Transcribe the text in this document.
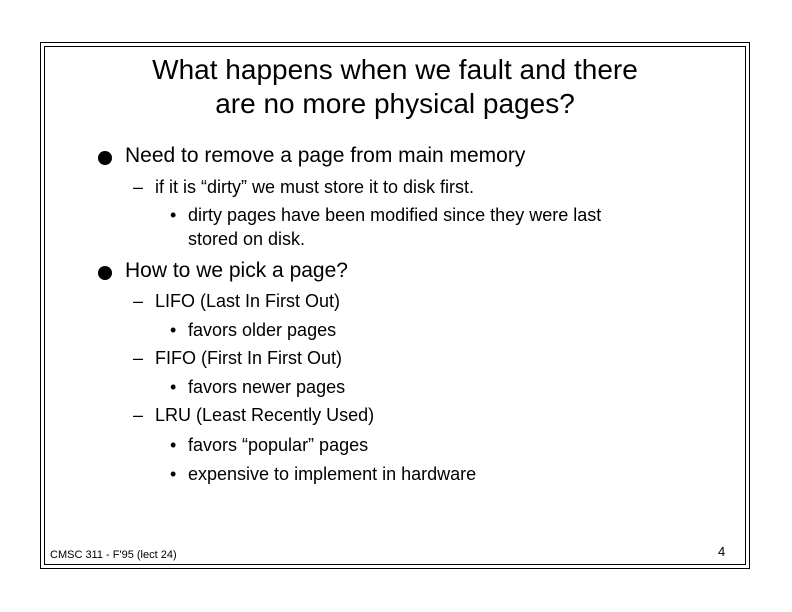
What happens when we fault and there
are no more physical pages?
Need to remove a page from main memory
– if it is “dirty” we must store it to disk first.
• dirty pages have been modified since they were last
stored on disk.
How to we pick a page?
– LIFO (Last In First Out)
• favors older pages
– FIFO (First In First Out)
• favors newer pages
– LRU (Least Recently Used)
• favors “popular” pages
• expensive to implement in hardware
CMSC 311 - F'95 (lect 24)	4
